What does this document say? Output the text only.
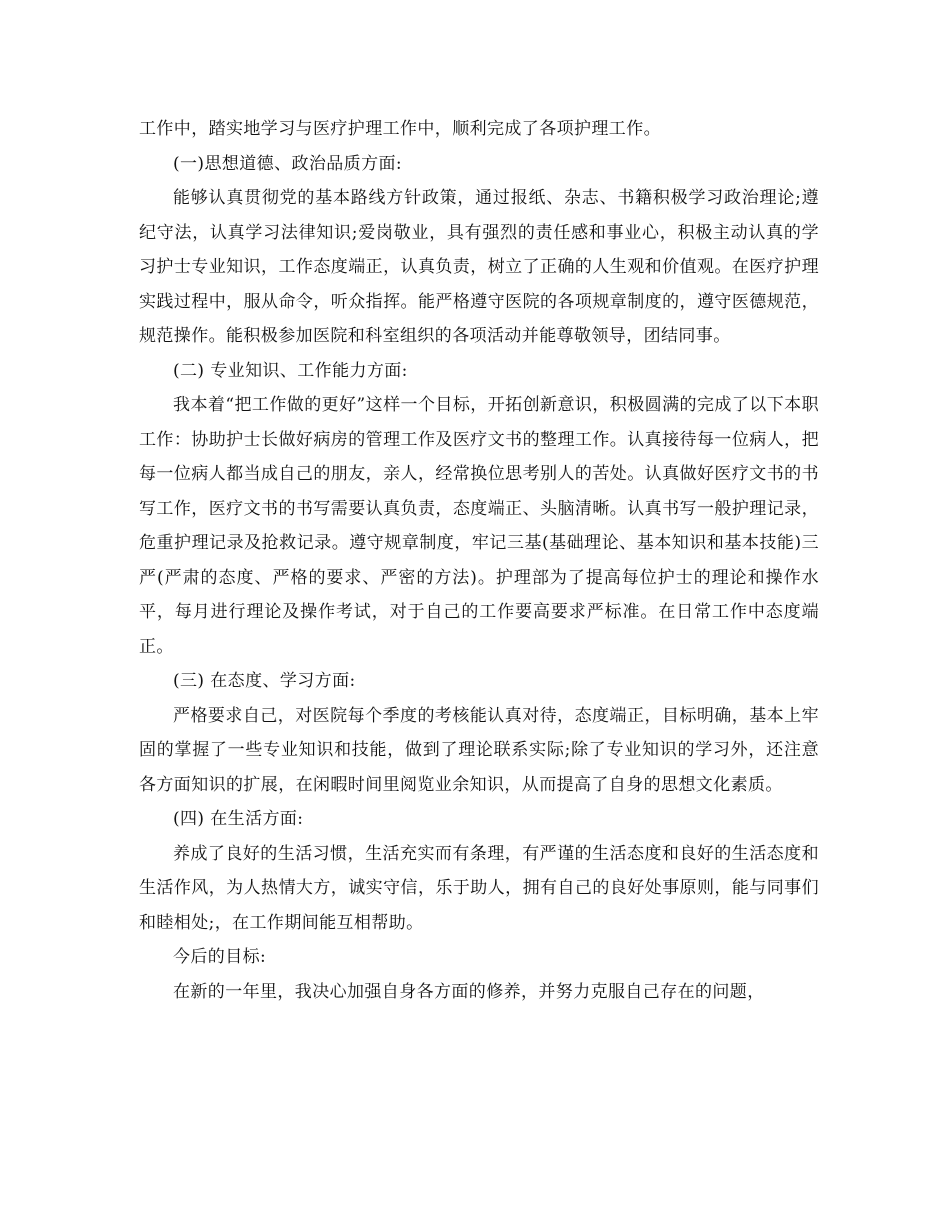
工作中，踏实地学习与医疗护理工作中，顺利完成了各项护理工作。

(一)思想道德、政治品质方面:

能够认真贯彻党的基本路线方针政策，通过报纸、杂志、书籍积极学习政治理论;遵纪守法，认真学习法律知识;爱岗敬业，具有强烈的责任感和事业心，积极主动认真的学习护士专业知识，工作态度端正，认真负责，树立了正确的人生观和价值观。在医疗护理实践过程中，服从命令，听众指挥。能严格遵守医院的各项规章制度的，遵守医德规范，规范操作。能积极参加医院和科室组织的各项活动并能尊敬领导，团结同事。

(二) 专业知识、工作能力方面:

我本着“把工作做的更好”这样一个目标，开拓创新意识，积极圆满的完成了以下本职工作：协助护士长做好病房的管理工作及医疗文书的整理工作。认真接待每一位病人，把每一位病人都当成自己的朋友，亲人，经常换位思考别人的苦处。认真做好医疗文书的书写工作，医疗文书的书写需要认真负责，态度端正、头脑清晰。认真书写一般护理记录，危重护理记录及抢救记录。遵守规章制度，牢记三基(基础理论、基本知识和基本技能)三严(严肃的态度、严格的要求、严密的方法)。护理部为了提高每位护士的理论和操作水平，每月进行理论及操作考试，对于自己的工作要高要求严标准。在日常工作中态度端正。

(三) 在态度、学习方面:

严格要求自己，对医院每个季度的考核能认真对待，态度端正，目标明确，基本上牢固的掌握了一些专业知识和技能，做到了理论联系实际;除了专业知识的学习外，还注意各方面知识的扩展，在闲暇时间里阅览业余知识，从而提高了自身的思想文化素质。

(四) 在生活方面:

养成了良好的生活习惯，生活充实而有条理，有严谨的生活态度和良好的生活态度和生活作风，为人热情大方，诚实守信，乐于助人，拥有自己的良好处事原则，能与同事们和睦相处;，在工作期间能互相帮助。

今后的目标:

在新的一年里，我决心加强自身各方面的修养，并努力克服自己存在的问题，
